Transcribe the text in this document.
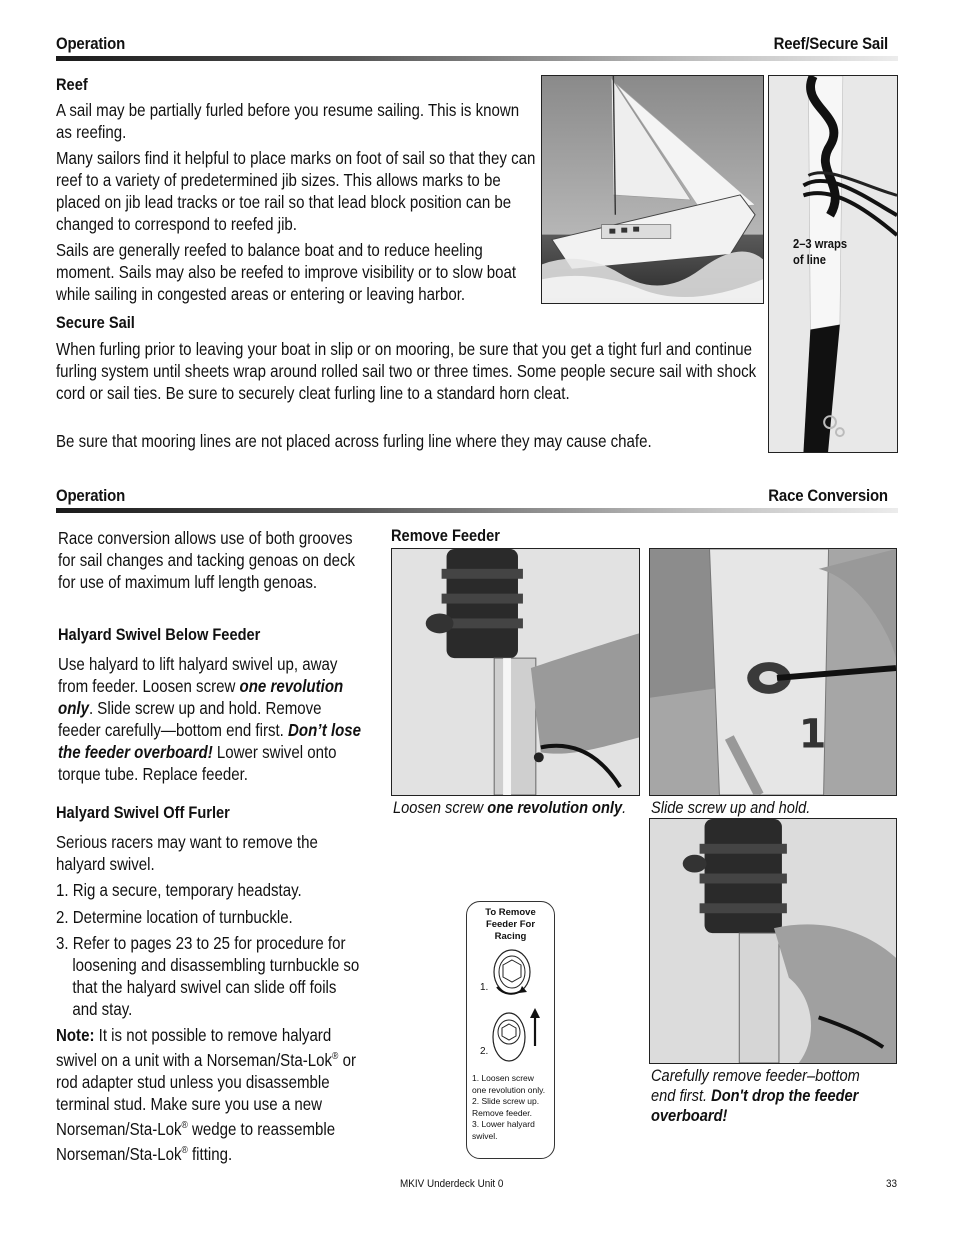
Operation	Reef/Secure Sail
Reef
A sail may be partially furled before you resume sailing. This is known as reefing.
Many sailors find it helpful to place marks on foot of sail so that they can reef to a variety of predetermined jib sizes. This allows marks to be placed on jib lead tracks or toe rail so that lead block position can be changed to correspond to reefed jib.
Sails are generally reefed to balance boat and to reduce heeling moment. Sails may also be reefed to improve visibility or to slow boat while sailing in congested areas or entering or leaving harbor.
2–3 wraps
of line
Secure Sail
When furling prior to leaving your boat in slip or on mooring, be sure that you get a tight furl and continue furling system until sheets wrap around rolled sail two or three times. Some people secure sail with shock cord or sail ties. Be sure to securely cleat furling line to a standard horn cleat.
Be sure that mooring lines are not placed across furling line where they may cause chafe.
Operation	Race Conversion
Race conversion allows use of both grooves for sail changes and tacking genoas on deck for use of maximum luff length genoas.
Halyard Swivel Below Feeder
Use halyard to lift halyard swivel up, away from feeder. Loosen screw one revolution only. Slide screw up and hold. Remove feeder carefully—bottom end first. Don’t lose the feeder overboard! Lower swivel onto torque tube. Replace feeder.
Halyard Swivel Off Furler
Serious racers may want to remove the halyard swivel.
1. Rig a secure, temporary headstay.
2. Determine location of turnbuckle.
3. Refer to pages 23 to 25 for procedure for loosening and disassembling turnbuckle so that the halyard swivel can slide off foils and stay.
Note: It is not possible to remove halyard swivel on a unit with a Norseman/Sta-Lok® or rod adapter stud unless you disassemble terminal stud. Make sure you use a new Norseman/Sta-Lok® wedge to reassemble Norseman/Sta-Lok® fitting.
Remove Feeder
1
Loosen screw one revolution only.	Slide screw up and hold.
Carefully remove feeder–bottom end first. Don't drop the feeder overboard!
To Remove
Feeder For
Racing
1.
2.
1. Loosen screw
one revolution only.
2. Slide screw up.
Remove feeder.
3. Lower halyard
swivel.
MKIV Underdeck Unit 0	33
